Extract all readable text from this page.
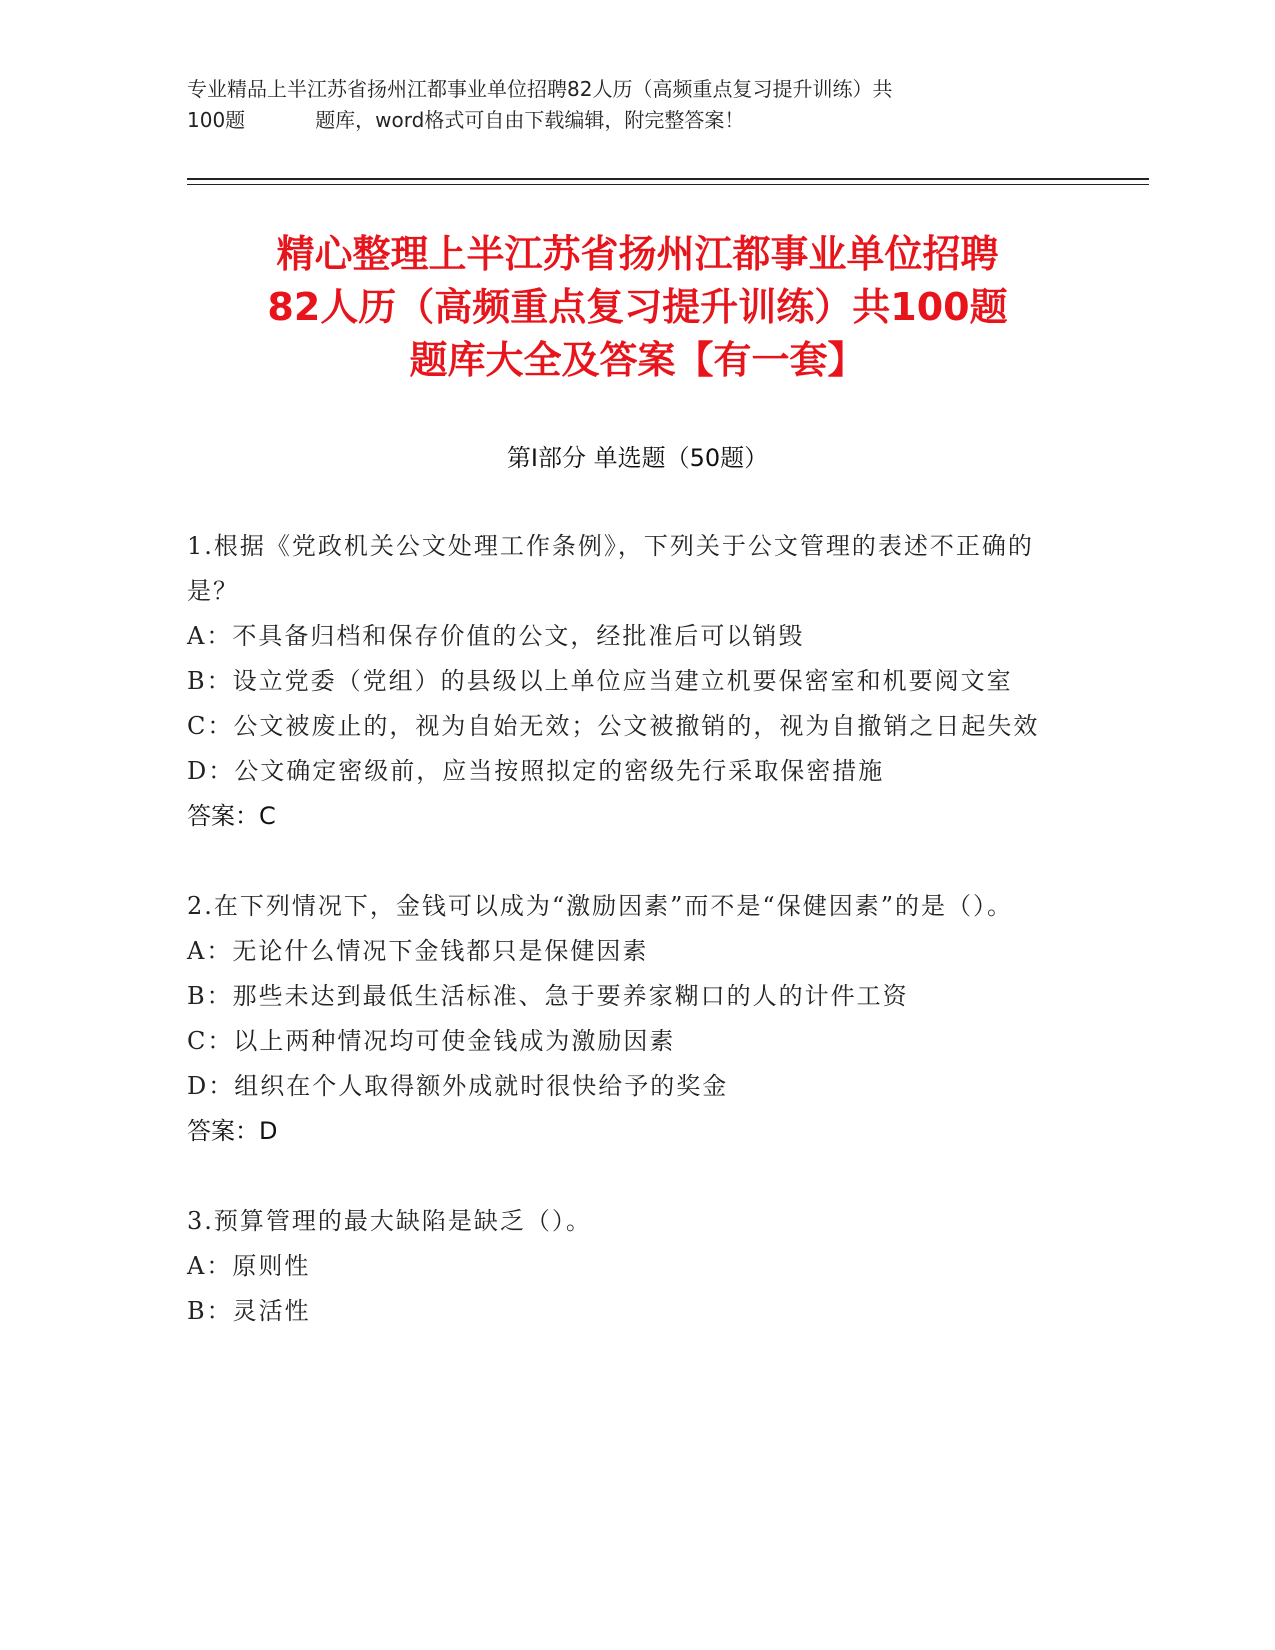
专业精品上半江苏省扬州江都事业单位招聘82人历（高频重点复习提升训练）共
100题	题库，word格式可自由下载编辑，附完整答案！
精心整理上半江苏省扬州江都事业单位招聘
82人历（高频重点复习提升训练）共100题
题库大全及答案【有一套】
第Ⅰ部分 单选题（50题）

1.根据《党政机关公文处理工作条例》，下列关于公文管理的表述不正确的是？

A：不具备归档和保存价值的公文，经批准后可以销毁

B：设立党委（党组）的县级以上单位应当建立机要保密室和机要阅文室

C：公文被废止的，视为自始无效；公文被撤销的，视为自撤销之日起失效

D：公文确定密级前，应当按照拟定的密级先行采取保密措施

答案：C

2.在下列情况下，金钱可以成为“激励因素”而不是“保健因素”的是（）。

A：无论什么情况下金钱都只是保健因素

B：那些未达到最低生活标准、急于要养家糊口的人的计件工资

C：以上两种情况均可使金钱成为激励因素

D：组织在个人取得额外成就时很快给予的奖金

答案：D

3.预算管理的最大缺陷是缺乏（）。

A：原则性

B：灵活性
